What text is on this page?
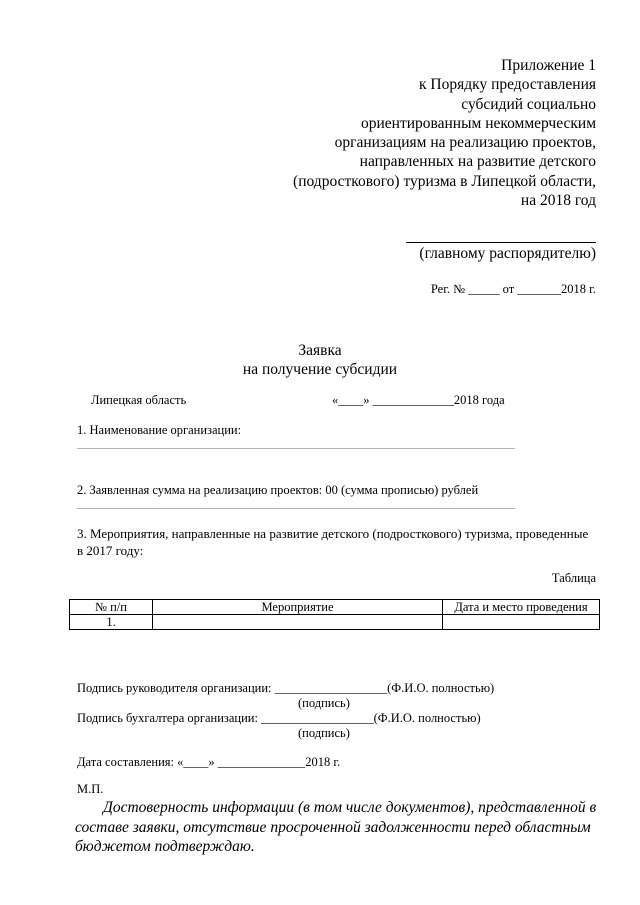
Приложение 1
к Порядку предоставления
субсидий социально
ориентированным некоммерческим
организациям на реализацию проектов,
направленных на развитие детского
(подросткового) туризма в Липецкой области,
на 2018 год
(главному распорядителю)
Рег. № _____ от _______2018 г.
Заявка
на получение субсидии
Липецкая область	«____» _____________2018 года
1. Наименование организации:
2. Заявленная сумма на реализацию проектов: 00 (сумма прописью) рублей
3. Мероприятия, направленные на развитие детского (подросткового) туризма, проведенные
в 2017 году:
Таблица
№ п/п	Мероприятие	Дата и место проведения
1.		
Подпись руководителя организации: __________________(Ф.И.О. полностью)
(подпись)
Подпись бухгалтера организации: __________________(Ф.И.О. полностью)
(подпись)
Дата составления: «____» ______________2018 г.
М.П.
Достоверность информации (в том числе документов), представленной в
составе заявки, отсутствие просроченной задолженности перед областным
бюджетом подтверждаю.
